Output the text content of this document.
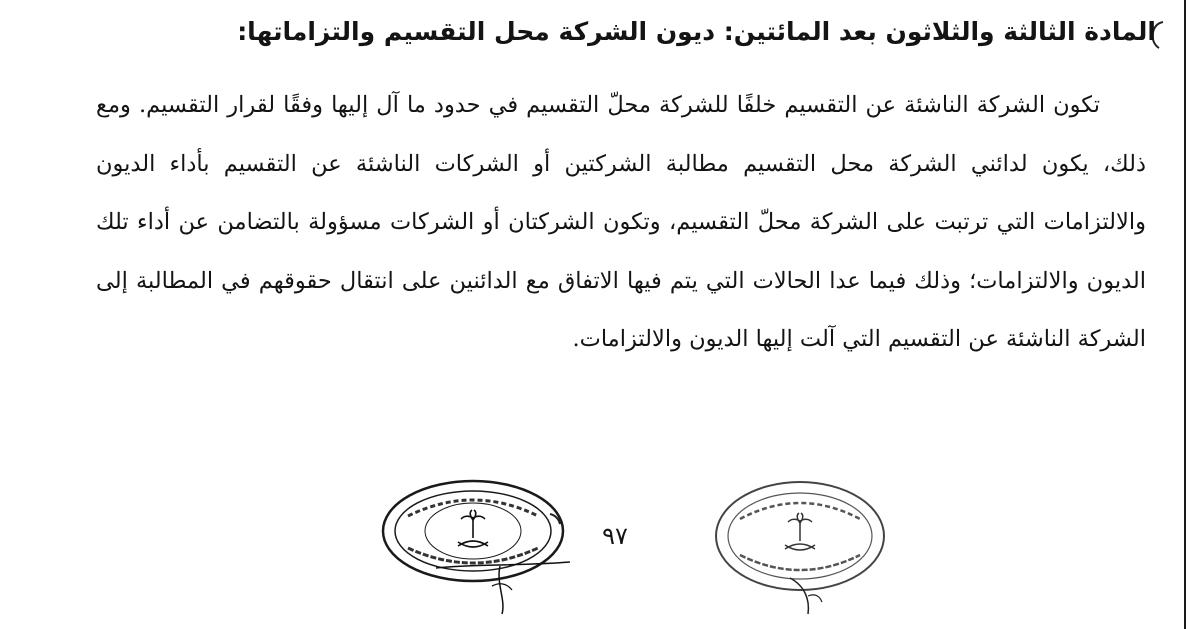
المادة الثالثة والثلاثون بعد المائتين: ديون الشركة محل التقسيم والتزاماتها:

تكون الشركة الناشئة عن التقسيم خلفًا للشركة محلّ التقسيم في حدود ما آل إليها وفقًا لقرار التقسيم. ومع ذلك، يكون لدائني الشركة محل التقسيم مطالبة الشركتين أو الشركات الناشئة عن التقسيم بأداء الديون والالتزامات التي ترتبت على الشركة محلّ التقسيم، وتكون الشركتان أو الشركات مسؤولة بالتضامن عن أداء تلك الديون والالتزامات؛ وذلك فيما عدا الحالات التي يتم فيها الاتفاق مع الدائنين على انتقال حقوقهم في المطالبة إلى الشركة الناشئة عن التقسيم التي آلت إليها الديون والالتزامات.

٩٧
